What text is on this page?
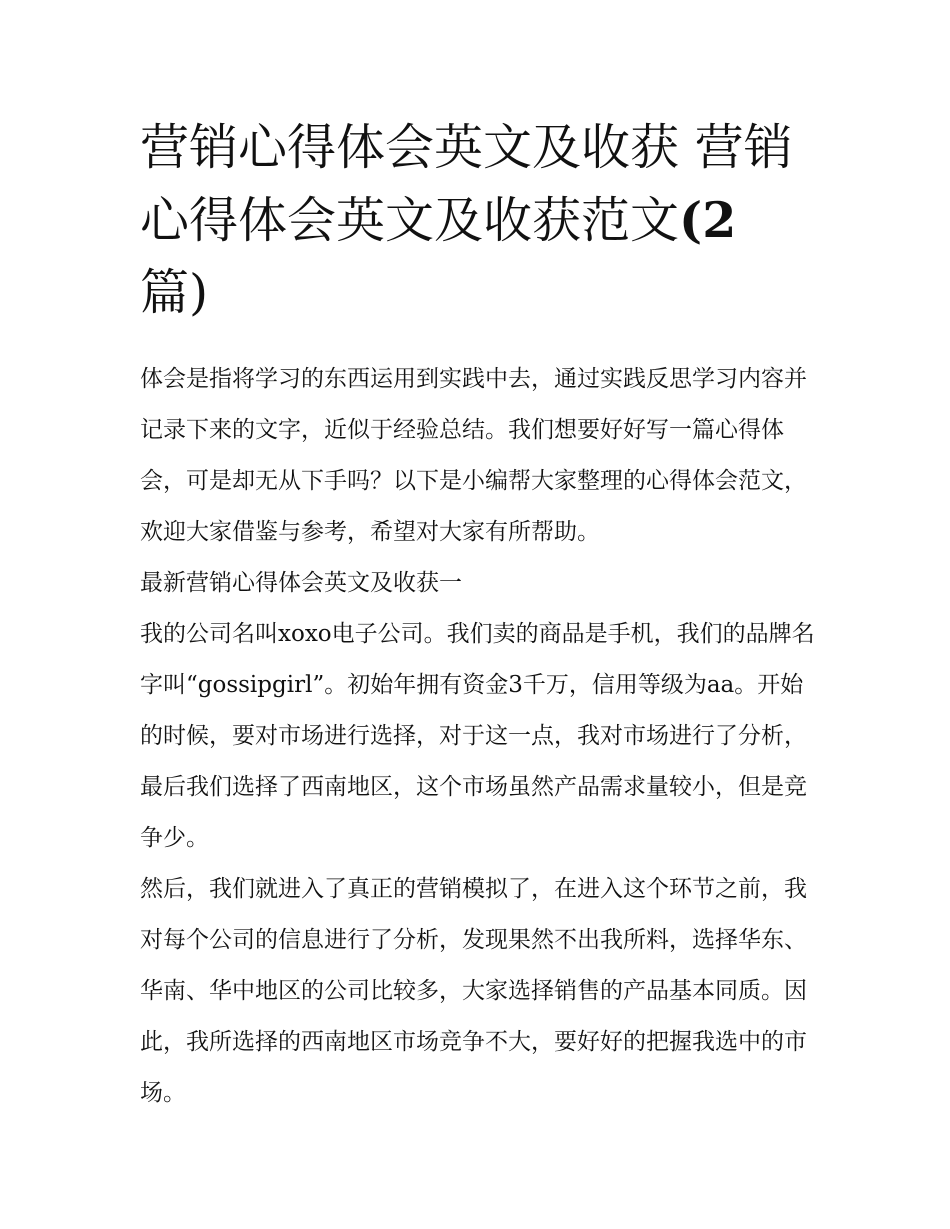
营销心得体会英文及收获 营销心得体会英文及收获范文(2
篇)

体会是指将学习的东西运用到实践中去，通过实践反思学习内容并记录下来的文字，近似于经验总结。我们想要好好写一篇心得体会，可是却无从下手吗？以下是小编帮大家整理的心得体会范文，欢迎大家借鉴与参考，希望对大家有所帮助。

最新营销心得体会英文及收获一

我的公司名叫xoxo电子公司。我们卖的商品是手机，我们的品牌名字叫“gossipgirl”。初始年拥有资金3千万，信用等级为aa。开始的时候，要对市场进行选择，对于这一点，我对市场进行了分析，最后我们选择了西南地区，这个市场虽然产品需求量较小，但是竞争少。

然后，我们就进入了真正的营销模拟了，在进入这个环节之前，我对每个公司的信息进行了分析，发现果然不出我所料，选择华东、华南、华中地区的公司比较多，大家选择销售的产品基本同质。因此，我所选择的西南地区市场竞争不大，要好好的把握我选中的市场。
